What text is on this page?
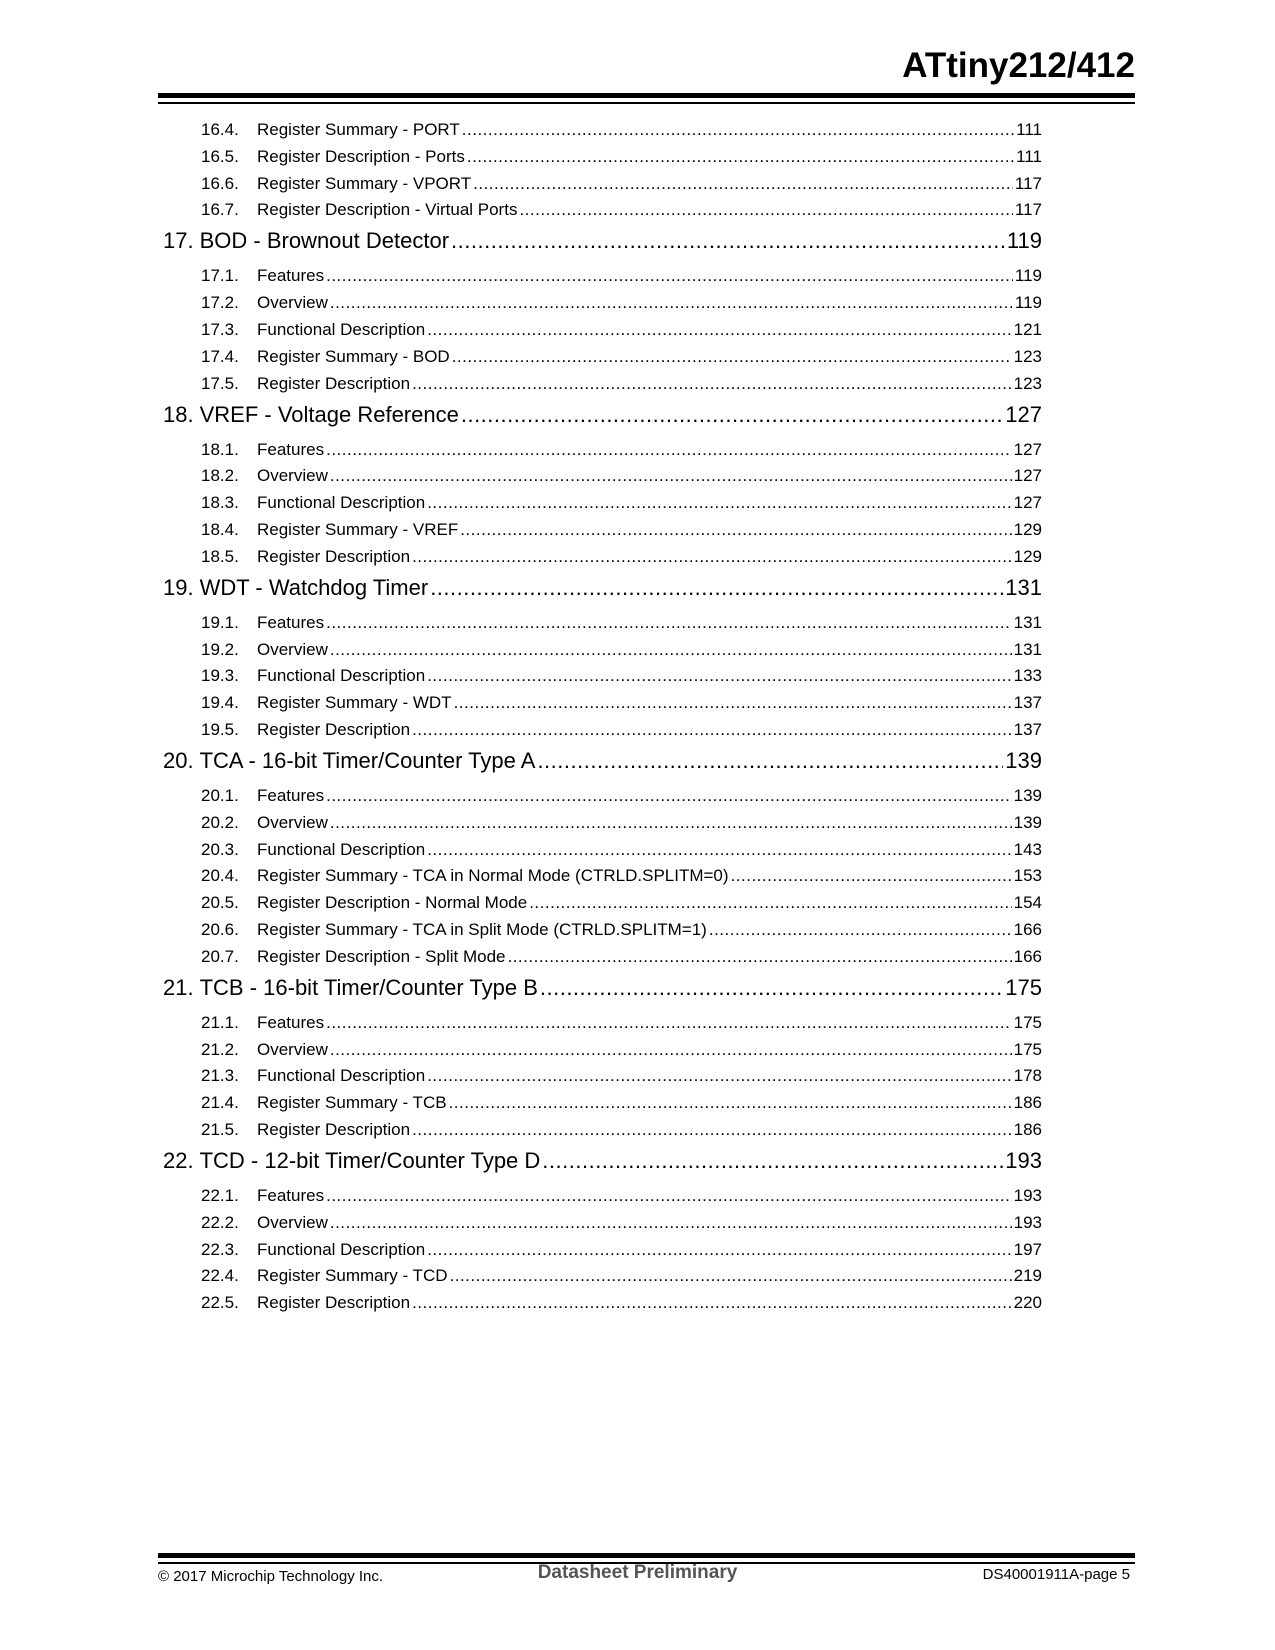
ATtiny212/412
16.4.	Register Summary - PORT .....	111
16.5.	Register Description - Ports .....	111
16.6.	Register Summary - VPORT .....	117
16.7.	Register Description - Virtual Ports .....	117
17. BOD - Brownout Detector .....	119
17.1.	Features .....	119
17.2.	Overview .....	119
17.3.	Functional Description .....	121
17.4.	Register Summary - BOD .....	123
17.5.	Register Description .....	123
18. VREF - Voltage Reference .....	127
18.1.	Features .....	127
18.2.	Overview .....	127
18.3.	Functional Description .....	127
18.4.	Register Summary - VREF .....	129
18.5.	Register Description .....	129
19. WDT - Watchdog Timer .....	131
19.1.	Features .....	131
19.2.	Overview .....	131
19.3.	Functional Description .....	133
19.4.	Register Summary - WDT .....	137
19.5.	Register Description .....	137
20. TCA - 16-bit Timer/Counter Type A .....	139
20.1.	Features .....	139
20.2.	Overview .....	139
20.3.	Functional Description .....	143
20.4.	Register Summary - TCA in Normal Mode (CTRLD.SPLITM=0) .....	153
20.5.	Register Description - Normal Mode .....	154
20.6.	Register Summary - TCA in Split Mode (CTRLD.SPLITM=1) .....	166
20.7.	Register Description - Split Mode .....	166
21. TCB - 16-bit Timer/Counter Type B .....	175
21.1.	Features .....	175
21.2.	Overview .....	175
21.3.	Functional Description .....	178
21.4.	Register Summary - TCB .....	186
21.5.	Register Description .....	186
22. TCD - 12-bit Timer/Counter Type D .....	193
22.1.	Features .....	193
22.2.	Overview .....	193
22.3.	Functional Description .....	197
22.4.	Register Summary - TCD .....	219
22.5.	Register Description .....	220
© 2017 Microchip Technology Inc.	Datasheet Preliminary	DS40001911A-page 5
